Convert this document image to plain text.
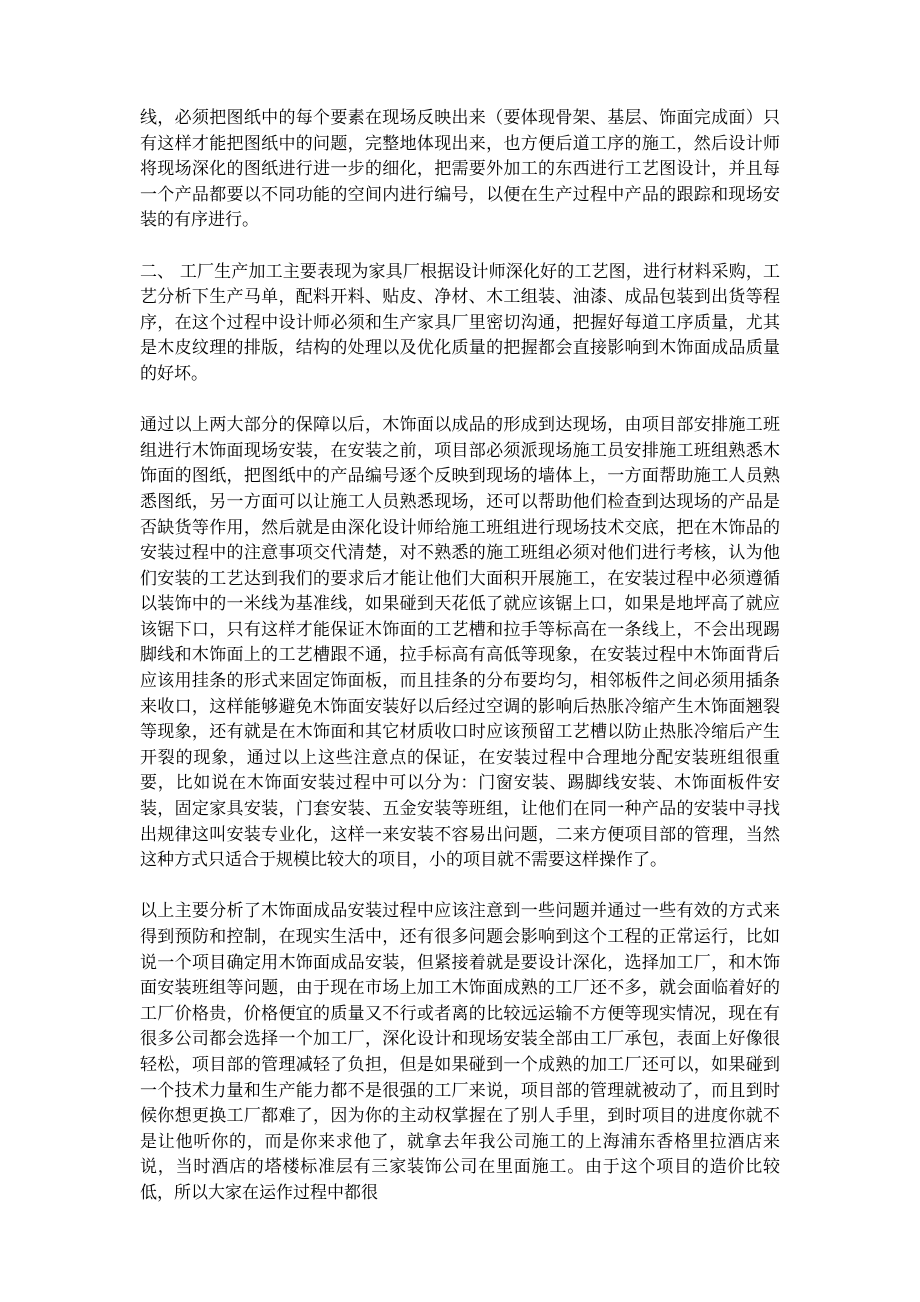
线，必须把图纸中的每个要素在现场反映出来（要体现骨架、基层、饰面完成面）只有这样才能把图纸中的问题，完整地体现出来，也方便后道工序的施工，然后设计师将现场深化的图纸进行进一步的细化，把需要外加工的东西进行工艺图设计，并且每一个产品都要以不同功能的空间内进行编号，以便在生产过程中产品的跟踪和现场安装的有序进行。

二、 工厂生产加工主要表现为家具厂根据设计师深化好的工艺图，进行材料采购，工艺分析下生产马单，配料开料、贴皮、净材、木工组装、油漆、成品包装到出货等程序，在这个过程中设计师必须和生产家具厂里密切沟通，把握好每道工序质量，尤其是木皮纹理的排版，结构的处理以及优化质量的把握都会直接影响到木饰面成品质量的好坏。

通过以上两大部分的保障以后，木饰面以成品的形成到达现场，由项目部安排施工班组进行木饰面现场安装，在安装之前，项目部必须派现场施工员安排施工班组熟悉木饰面的图纸，把图纸中的产品编号逐个反映到现场的墙体上，一方面帮助施工人员熟悉图纸，另一方面可以让施工人员熟悉现场，还可以帮助他们检查到达现场的产品是否缺货等作用，然后就是由深化设计师给施工班组进行现场技术交底，把在木饰品的安装过程中的注意事项交代清楚，对不熟悉的施工班组必须对他们进行考核，认为他们安装的工艺达到我们的要求后才能让他们大面积开展施工，在安装过程中必须遵循以装饰中的一米线为基准线，如果碰到天花低了就应该锯上口，如果是地坪高了就应该锯下口，只有这样才能保证木饰面的工艺槽和拉手等标高在一条线上，不会出现踢脚线和木饰面上的工艺槽跟不通，拉手标高有高低等现象，在安装过程中木饰面背后应该用挂条的形式来固定饰面板，而且挂条的分布要均匀，相邻板件之间必须用插条来收口，这样能够避免木饰面安装好以后经过空调的影响后热胀冷缩产生木饰面翘裂等现象，还有就是在木饰面和其它材质收口时应该预留工艺槽以防止热胀冷缩后产生开裂的现象，通过以上这些注意点的保证，在安装过程中合理地分配安装班组很重要，比如说在木饰面安装过程中可以分为：门窗安装、踢脚线安装、木饰面板件安装，固定家具安装，门套安装、五金安装等班组，让他们在同一种产品的安装中寻找出规律这叫安装专业化，这样一来安装不容易出问题，二来方便项目部的管理，当然这种方式只适合于规模比较大的项目，小的项目就不需要这样操作了。

以上主要分析了木饰面成品安装过程中应该注意到一些问题并通过一些有效的方式来得到预防和控制，在现实生活中，还有很多问题会影响到这个工程的正常运行，比如说一个项目确定用木饰面成品安装，但紧接着就是要设计深化，选择加工厂，和木饰面安装班组等问题，由于现在市场上加工木饰面成熟的工厂还不多，就会面临着好的工厂价格贵，价格便宜的质量又不行或者离的比较远运输不方便等现实情况，现在有很多公司都会选择一个加工厂，深化设计和现场安装全部由工厂承包，表面上好像很轻松，项目部的管理减轻了负担，但是如果碰到一个成熟的加工厂还可以，如果碰到一个技术力量和生产能力都不是很强的工厂来说，项目部的管理就被动了，而且到时候你想更换工厂都难了，因为你的主动权掌握在了别人手里，到时项目的进度你就不是让他听你的，而是你来求他了，就拿去年我公司施工的上海浦东香格里拉酒店来说，当时酒店的塔楼标准层有三家装饰公司在里面施工。由于这个项目的造价比较低，所以大家在运作过程中都很
